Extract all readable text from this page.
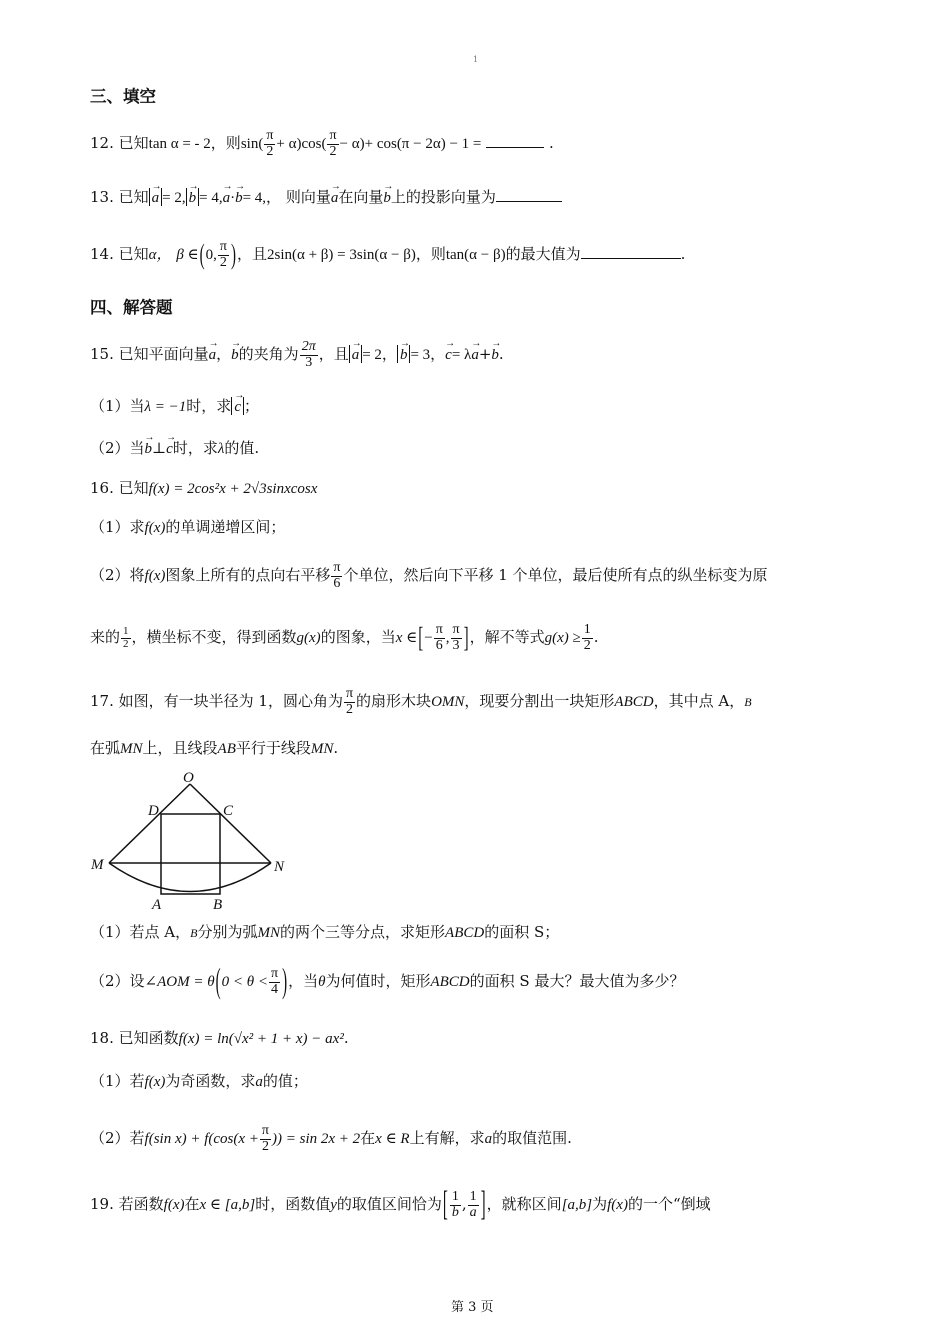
1
三、填空
12. 已知tan α = - 2，则$\sin( \frac{\pi}{2} + \alpha)\cos( \frac{\pi}{2} - \alpha)+ \cos(\pi - 2\alpha) - 1$ =	.
13. 已知 → a = 2, → b = 4,→ a·→ b= 4,， 则向量→ a在向量→ b上的投影向量为
14. 已知α， β ∈(0, $\frac{\pi}{2}$ )，且2sin(α + β) = 3sin(α − β)，则tan(α − β)的最大值为	.
四、解答题
15. 已知平面向量→ a，→ b的夹角为 $\frac{2\pi}{3}$ ，且 → a = 2， → b = 3，→ c= λ→ a+→ b.
（1）当λ = −1时，求 → c ；
（2）当→ b⊥→ c时，求λ的值.
16. 已知f(x) = 2cos²x + 2√3sinxcosx
（1）求f(x)的单调递增区间；
（2）将f(x)图象上所有的点向右平移 $\frac{\pi}{6}$ 个单位，然后向下平移 1 个单位，最后使所有点的纵坐标变为原
来的 $\frac{1}{2}$ ，横坐标不变，得到函数g(x)的图象，当x ∈[− $\frac{\pi}{6}$ , $\frac{\pi}{3}$ ]，解不等式$g(x) \ge \frac{1}{2}$ .
17. 如图，有一块半径为 1，圆心角为 $\frac{\pi}{2}$ 的扇形木块OMN，现要分割出一块矩形ABCD，其中点 A，B
在弧MN上，且线段AB平行于线段MN.
O
D	C
M	N
A	B
（1）若点 A，B分别为弧MN的两个三等分点，求矩形ABCD的面积 S；
（2）设∠AOM = $\theta(0 < \theta < \frac{\pi}{4}$ )，当θ为何值时，矩形ABCD的面积 S 最大？最大值为多少？
18. 已知函数f(x) = ln(√x² + 1 + x) − ax².
（1）若f(x)为奇函数，求a的值；
（2）若f(sin $x) + f(\cos(x + \frac{\pi}{2}$ )) = sin 2x + 2在x ∈ R上有解，求a的取值范围.
19. 若函数f(x)在x ∈ [a,b]时，函数值y的取值区间恰为[ $\frac{1}{b}$ , $\frac{1}{a}$ ]，就称区间[a,b]为f(x)的一个“倒域
第 3 页
